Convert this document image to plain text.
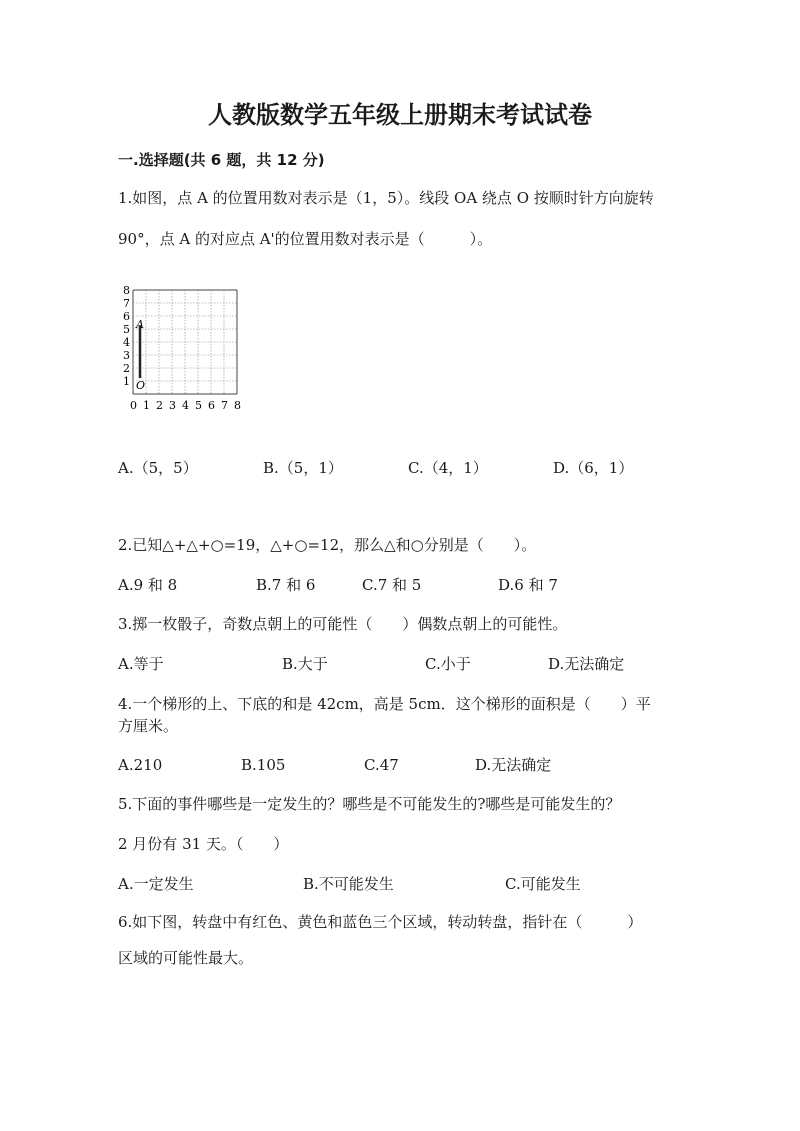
人教版数学五年级上册期末考试试卷
一.选择题(共 6 题，共 12 分)
1.如图，点 A 的位置用数对表示是（1，5）。线段 OA 绕点 O 按顺时针方向旋转
90°，点 A 的对应点 A'的位置用数对表示是（　　　）。
8
7
6
5
4
3
2
1
0 1 2 3 4 5 6 7 8
A
O
A.（5，5）	B.（5，1）	C.（4，1）	D.（6，1）
2.已知△+△+○=19，△+○=12，那么△和○分别是（　　）。
A.9 和 8	B.7 和 6	C.7 和 5	D.6 和 7
3.掷一枚骰子，奇数点朝上的可能性（　　）偶数点朝上的可能性。
A.等于	B.大于	C.小于	D.无法确定
4.一个梯形的上、下底的和是 42cm，高是 5cm．这个梯形的面积是（　　）平
方厘米。
A.210	B.105	C.47	D.无法确定
5.下面的事件哪些是一定发生的？哪些是不可能发生的?哪些是可能发生的？
2 月份有 31 天。（　　）
A.一定发生	B.不可能发生	C.可能发生
6.如下图，转盘中有红色、黄色和蓝色三个区域，转动转盘，指针在（　　　）
区域的可能性最大。
